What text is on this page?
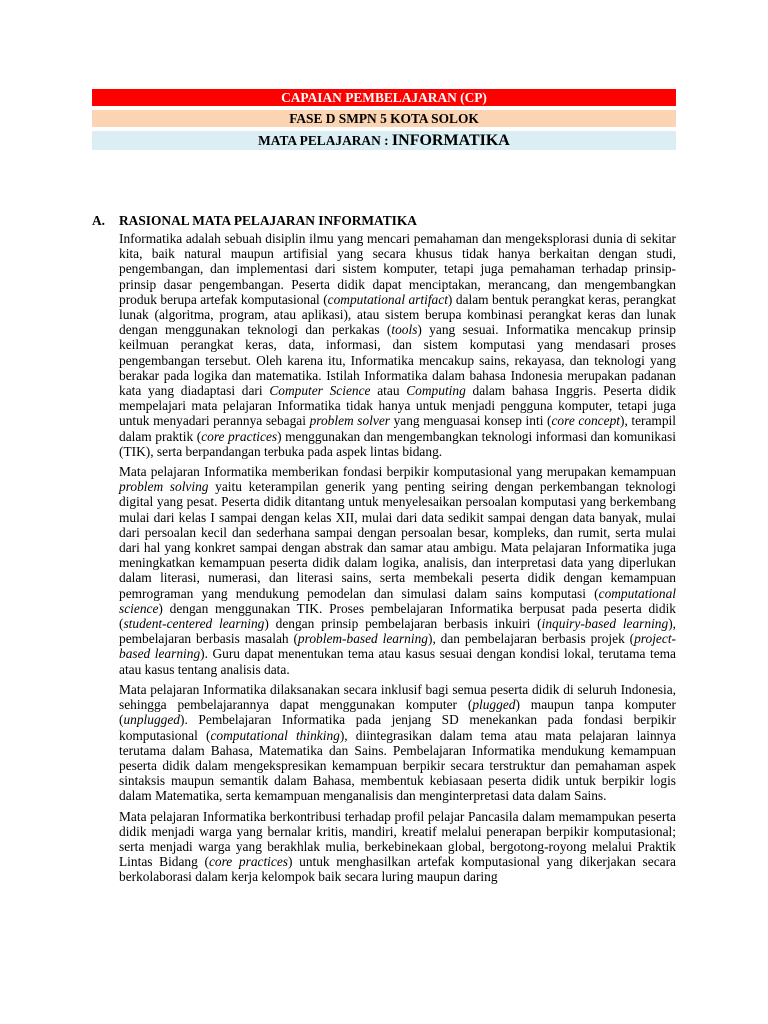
CAPAIAN PEMBELAJARAN (CP)
FASE D SMPN 5 KOTA SOLOK
MATA PELAJARAN : INFORMATIKA
A. RASIONAL MATA PELAJARAN INFORMATIKA

Informatika adalah sebuah disiplin ilmu yang mencari pemahaman dan mengeksplorasi dunia di sekitar kita, baik natural maupun artifisial yang secara khusus tidak hanya berkaitan dengan studi, pengembangan, dan implementasi dari sistem komputer, tetapi juga pemahaman terhadap prinsip-prinsip dasar pengembangan. Peserta didik dapat menciptakan, merancang, dan mengembangkan produk berupa artefak komputasional (computational artifact) dalam bentuk perangkat keras, perangkat lunak (algoritma, program, atau aplikasi), atau sistem berupa kombinasi perangkat keras dan lunak dengan menggunakan teknologi dan perkakas (tools) yang sesuai. Informatika mencakup prinsip keilmuan perangkat keras, data, informasi, dan sistem komputasi yang mendasari proses pengembangan tersebut. Oleh karena itu, Informatika mencakup sains, rekayasa, dan teknologi yang berakar pada logika dan matematika. Istilah Informatika dalam bahasa Indonesia merupakan padanan kata yang diadaptasi dari Computer Science atau Computing dalam bahasa Inggris. Peserta didik mempelajari mata pelajaran Informatika tidak hanya untuk menjadi pengguna komputer, tetapi juga untuk menyadari perannya sebagai problem solver yang menguasai konsep inti (core concept), terampil dalam praktik (core practices) menggunakan dan mengembangkan teknologi informasi dan komunikasi (TIK), serta berpandangan terbuka pada aspek lintas bidang.

Mata pelajaran Informatika memberikan fondasi berpikir komputasional yang merupakan kemampuan problem solving yaitu keterampilan generik yang penting seiring dengan perkembangan teknologi digital yang pesat. Peserta didik ditantang untuk menyelesaikan persoalan komputasi yang berkembang mulai dari kelas I sampai dengan kelas XII, mulai dari data sedikit sampai dengan data banyak, mulai dari persoalan kecil dan sederhana sampai dengan persoalan besar, kompleks, dan rumit, serta mulai dari hal yang konkret sampai dengan abstrak dan samar atau ambigu. Mata pelajaran Informatika juga meningkatkan kemampuan peserta didik dalam logika, analisis, dan interpretasi data yang diperlukan dalam literasi, numerasi, dan literasi sains, serta membekali peserta didik dengan kemampuan pemrograman yang mendukung pemodelan dan simulasi dalam sains komputasi (computational science) dengan menggunakan TIK. Proses pembelajaran Informatika berpusat pada peserta didik (student-centered learning) dengan prinsip pembelajaran berbasis inkuiri (inquiry-based learning), pembelajaran berbasis masalah (problem-based learning), dan pembelajaran berbasis projek (project-based learning). Guru dapat menentukan tema atau kasus sesuai dengan kondisi lokal, terutama tema atau kasus tentang analisis data.

Mata pelajaran Informatika dilaksanakan secara inklusif bagi semua peserta didik di seluruh Indonesia, sehingga pembelajarannya dapat menggunakan komputer (plugged) maupun tanpa komputer (unplugged). Pembelajaran Informatika pada jenjang SD menekankan pada fondasi berpikir komputasional (computational thinking), diintegrasikan dalam tema atau mata pelajaran lainnya terutama dalam Bahasa, Matematika dan Sains. Pembelajaran Informatika mendukung kemampuan peserta didik dalam mengekspresikan kemampuan berpikir secara terstruktur dan pemahaman aspek sintaksis maupun semantik dalam Bahasa, membentuk kebiasaan peserta didik untuk berpikir logis dalam Matematika, serta kemampuan menganalisis dan menginterpretasi data dalam Sains.

Mata pelajaran Informatika berkontribusi terhadap profil pelajar Pancasila dalam memampukan peserta didik menjadi warga yang bernalar kritis, mandiri, kreatif melalui penerapan berpikir komputasional; serta menjadi warga yang berakhlak mulia, berkebinekaan global, bergotong-royong melalui Praktik Lintas Bidang (core practices) untuk menghasilkan artefak komputasional yang dikerjakan secara berkolaborasi dalam kerja kelompok baik secara luring maupun daring
